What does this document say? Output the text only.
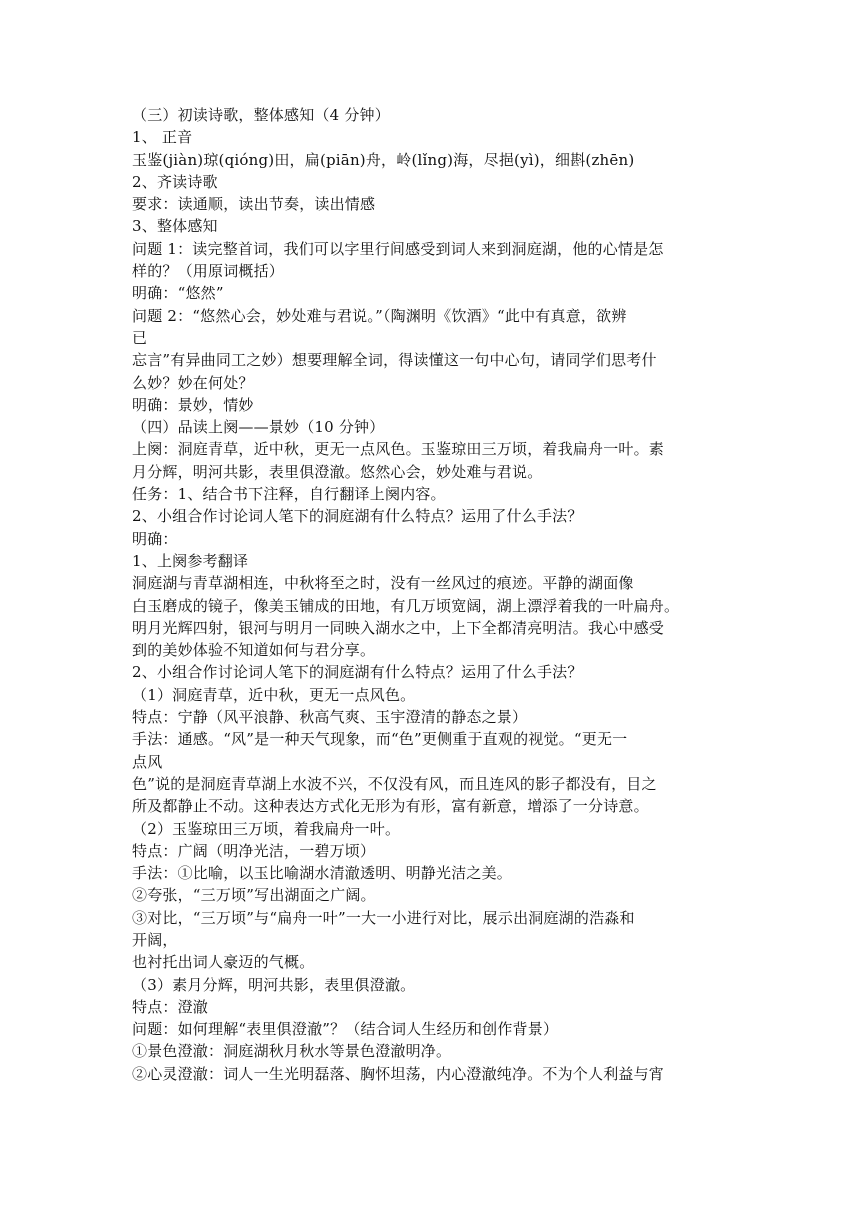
（三）初读诗歌，整体感知（4 分钟）
1、 正音
玉鉴(jiàn)琼(qióng)田，扁(piān)舟，岭(lǐng)海，尽挹(yì)，细斟(zhēn)
2、齐读诗歌
要求：读通顺，读出节奏，读出情感
3、整体感知
问题 1：读完整首词，我们可以字里行间感受到词人来到洞庭湖，他的心情是怎
样的？（用原词概括）
明确：“悠然”
问题 2：“悠然心会，妙处难与君说。”（陶渊明《饮酒》“此中有真意，欲辨
已
忘言”有异曲同工之妙）想要理解全词，得读懂这一句中心句，请同学们思考什
么妙？妙在何处？
明确：景妙，情妙
（四）品读上阕——景妙（10 分钟）
上阕：洞庭青草，近中秋，更无一点风色。玉鉴琼田三万顷，着我扁舟一叶。素
月分辉，明河共影，表里俱澄澈。悠然心会，妙处难与君说。
任务：1、结合书下注释，自行翻译上阕内容。
2、小组合作讨论词人笔下的洞庭湖有什么特点？运用了什么手法？
明确：
1、上阕参考翻译
洞庭湖与青草湖相连，中秋将至之时，没有一丝风过的痕迹。平静的湖面像
白玉磨成的镜子，像美玉铺成的田地，有几万顷宽阔，湖上漂浮着我的一叶扁舟。
明月光辉四射，银河与明月一同映入湖水之中，上下全都清亮明洁。我心中感受
到的美妙体验不知道如何与君分享。
2、小组合作讨论词人笔下的洞庭湖有什么特点？运用了什么手法？
（1）洞庭青草，近中秋，更无一点风色。
特点：宁静（风平浪静、秋高气爽、玉宇澄清的静态之景）
手法：通感。“风”是一种天气现象，而“色”更侧重于直观的视觉。“更无一
点风
色”说的是洞庭青草湖上水波不兴，不仅没有风，而且连风的影子都没有，目之
所及都静止不动。这种表达方式化无形为有形，富有新意，增添了一分诗意。
（2）玉鉴琼田三万顷，着我扁舟一叶。
特点：广阔（明净光洁，一碧万顷）
手法：①比喻，以玉比喻湖水清澈透明、明静光洁之美。
②夸张，“三万顷”写出湖面之广阔。
③对比，“三万顷”与“扁舟一叶”一大一小进行对比，展示出洞庭湖的浩淼和
开阔，
也衬托出词人豪迈的气概。
（3）素月分辉，明河共影，表里俱澄澈。
特点：澄澈
问题：如何理解“表里俱澄澈”？（结合词人生经历和创作背景）
①景色澄澈：洞庭湖秋月秋水等景色澄澈明净。
②心灵澄澈：词人一生光明磊落、胸怀坦荡，内心澄澈纯净。不为个人利益与宵
